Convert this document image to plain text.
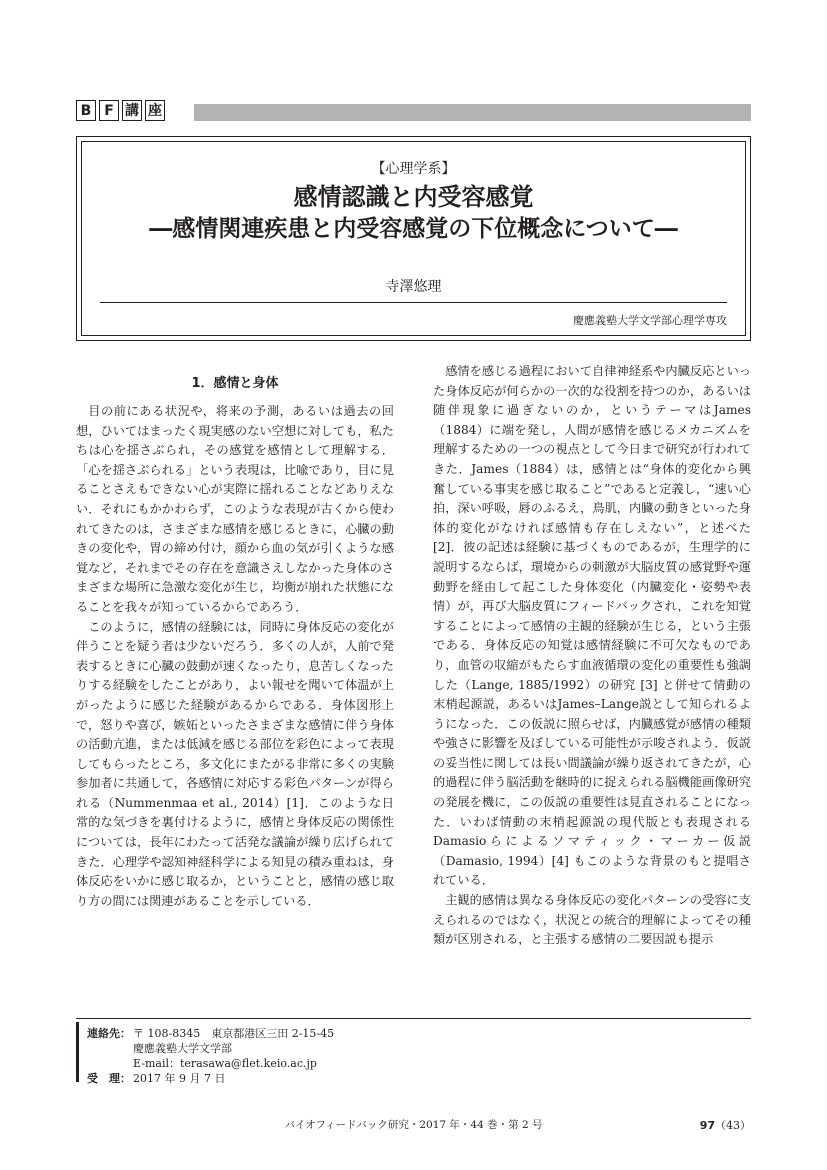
B F 講 座
【心理学系】
感情認識と内受容感覚
―感情関連疾患と内受容感覚の下位概念について―
寺澤悠理
慶應義塾大学文学部心理学専攻
1．感情と身体

目の前にある状況や，将来の予測，あるいは過去の回想，ひいてはまったく現実感のない空想に対しても，私たちは心を揺さぶられ，その感覚を感情として理解する．「心を揺さぶられる」という表現は，比喩であり，目に見ることさえもできない心が実際に揺れることなどありえない．それにもかかわらず，このような表現が古くから使われてきたのは，さまざまな感情を感じるときに，心臓の動きの変化や，胃の締め付け，顔から血の気が引くような感覚など，それまでその存在を意識さえしなかった身体のさまざまな場所に急激な変化が生じ，均衡が崩れた状態になることを我々が知っているからであろう．

このように，感情の経験には，同時に身体反応の変化が伴うことを疑う者は少ないだろう．多くの人が，人前で発表するときに心臓の鼓動が速くなったり，息苦しくなったりする経験をしたことがあり，よい報せを聞いて体温が上がったように感じた経験があるからである．身体図形上で，怒りや喜び，嫉妬といったさまざまな感情に伴う身体の活動亢進，または低減を感じる部位を彩色によって表現してもらったところ，多文化にまたがる非常に多くの実験参加者に共通して，各感情に対応する彩色パターンが得られる（Nummenmaa et al., 2014）[1]．このような日常的な気づきを裏付けるように，感情と身体反応の関係性については，長年にわたって活発な議論が繰り広げられてきた．心理学や認知神経科学による知見の積み重ねは，身体反応をいかに感じ取るか，ということと，感情の感じ取り方の間には関連があることを示している．

感情を感じる過程において自律神経系や内臓反応といった身体反応が何らかの一次的な役割を持つのか，あるいは随伴現象に過ぎないのか，というテーマはJames（1884）に端を発し，人間が感情を感じるメカニズムを理解するための一つの視点として今日まで研究が行われてきた．James（1884）は，感情とは“身体的変化から興奮している事実を感じ取ること”であると定義し，“速い心拍，深い呼吸，唇のふるえ，鳥肌，内臓の動きといった身体的変化がなければ感情も存在しえない”，と述べた [2]．彼の記述は経験に基づくものであるが，生理学的に説明するならば，環境からの刺激が大脳皮質の感覚野や運動野を経由して起こした身体変化（内臓変化・姿勢や表情）が，再び大脳皮質にフィードバックされ，これを知覚することによって感情の主観的経験が生じる，という主張である．身体反応の知覚は感情経験に不可欠なものであり，血管の収縮がもたらす血液循環の変化の重要性も強調した（Lange, 1885/1992）の研究 [3] と併せて情動の末梢起源説，あるいはJames–Lange説として知られるようになった．この仮説に照らせば，内臓感覚が感情の種類や強さに影響を及ぼしている可能性が示唆されよう．仮説の妥当性に関しては長い間議論が繰り返されてきたが，心的過程に伴う脳活動を継時的に捉えられる脳機能画像研究の発展を機に，この仮説の重要性は見直されることになった．いわば情動の末梢起源説の現代版とも表現されるDamasioらによるソマティック・マーカー仮説（Damasio, 1994）[4] もこのような背景のもと提唱されている．

主観的感情は異なる身体反応の変化パターンの受容に支えられるのではなく，状況との統合的理解によってその種類が区別される，と主張する感情の二要因説も提示

連絡先： 〒 108-8345　東京都港区三田 2-15-45
慶應義塾大学文学部
E-mail：terasawa@flet.keio.ac.jp
受　理： 2017 年 9 月 7 日
バイオフィードバック研究・2017 年・44 巻・第 2 号	97（43）
